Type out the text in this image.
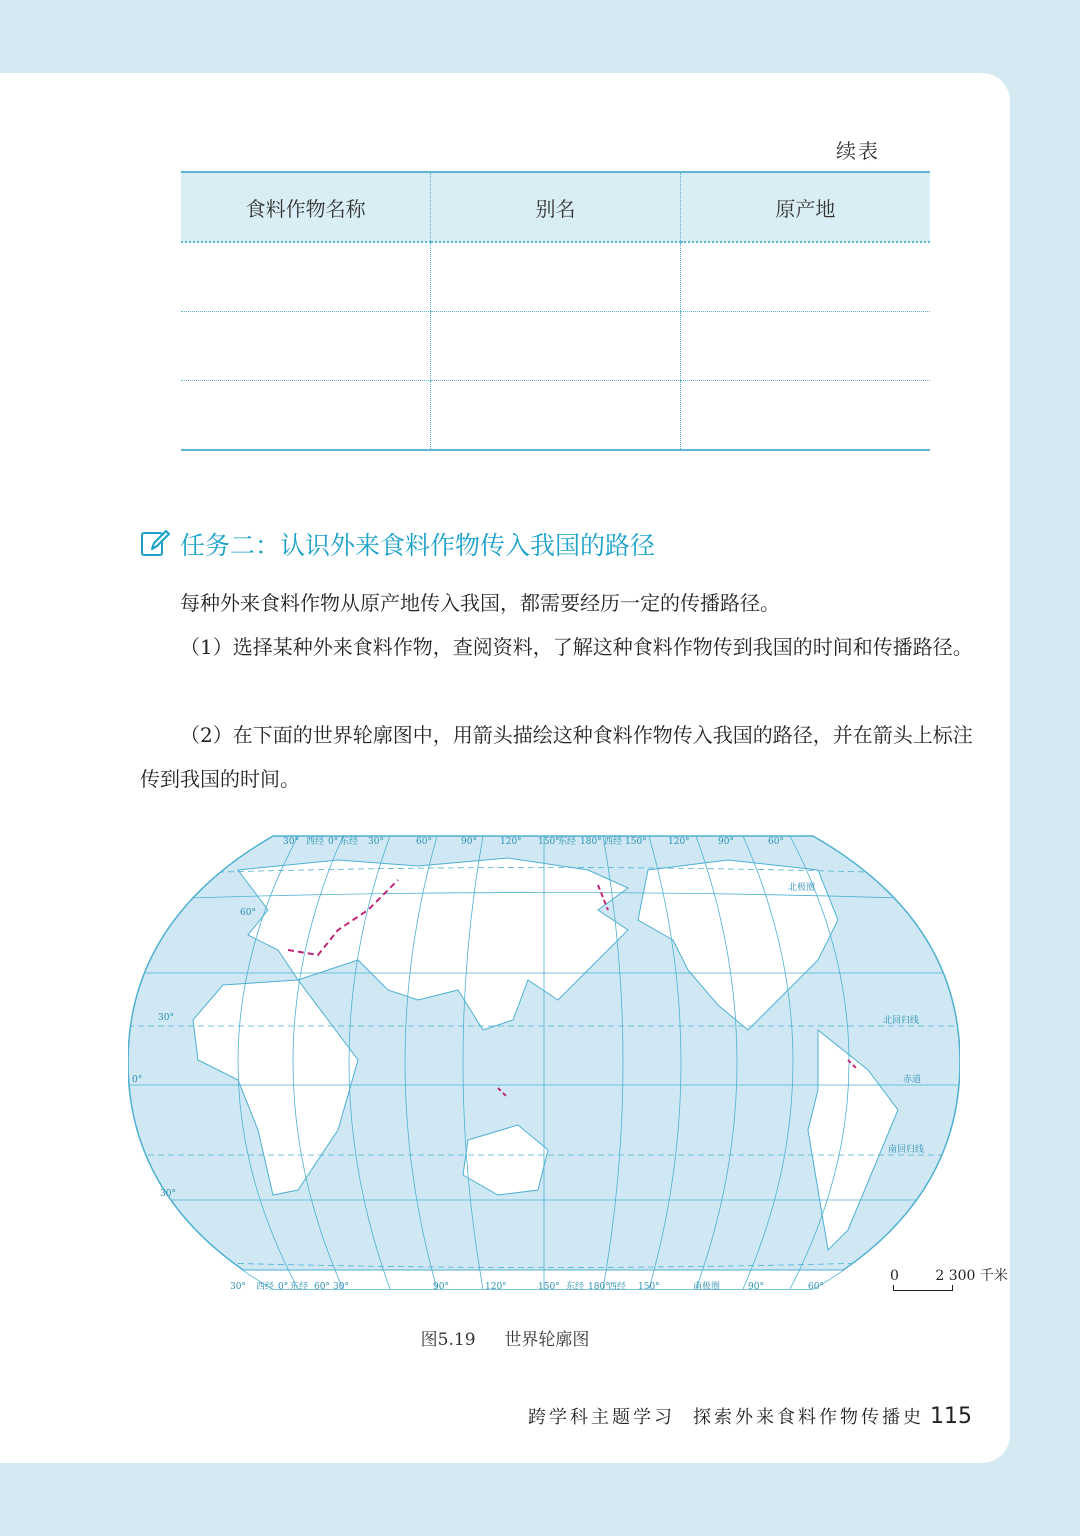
续表
食料作物名称	别名	原产地

任务二：认识外来食料作物传入我国的路径

每种外来食料作物从原产地传入我国，都需要经历一定的传播路径。

（1）选择某种外来食料作物，查阅资料，了解这种食料作物传到我国的时间和传播路径。

（2）在下面的世界轮廓图中，用箭头描绘这种食料作物传入我国的路径，并在箭头上标注传到我国的时间。

30° 西经 0° 东经 30°	60°	90°	120° 150°
东经 180° 西经 150° 120°	90°	60°
30° 西经 0° 东经 60° 30°	90°	120°	150° 东经 180°
西经 150°	南极圈	90°	60°
60°
30°
0°
30°
北极圈
北回归线
赤道
南回归线
0	2 300 千米
图5.19 世界轮廓图
跨学科主题学习 探索外来食料作物传播史 115
